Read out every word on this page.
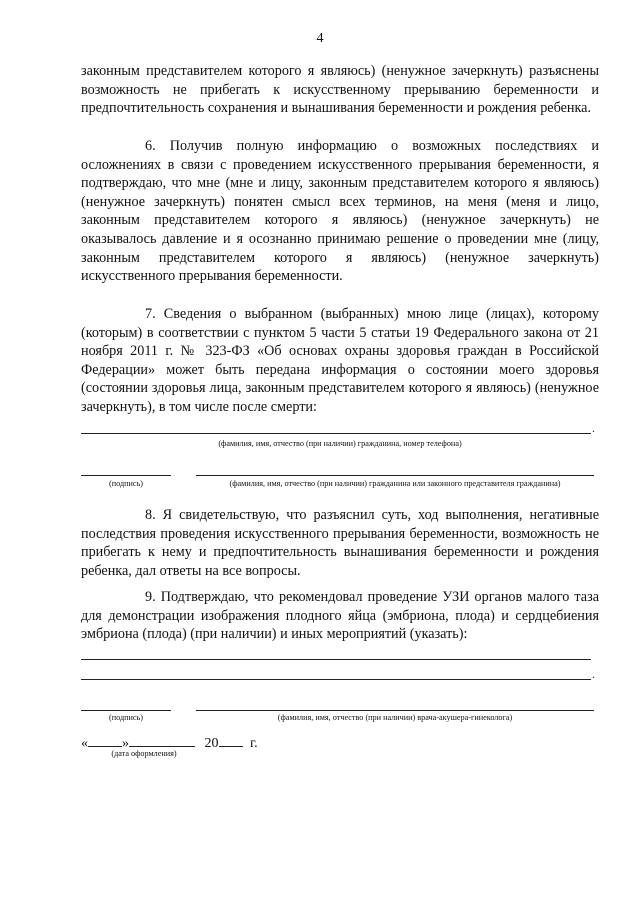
4
законным представителем которого я являюсь) (ненужное зачеркнуть) разъяснены возможность не прибегать к искусственному прерыванию беременности и предпочтительность сохранения и вынашивания беременности и рождения ребенка.
6. Получив полную информацию о возможных последствиях и осложнениях в связи с проведением искусственного прерывания беременности, я подтверждаю, что мне (мне и лицу, законным представителем которого я являюсь) (ненужное зачеркнуть) понятен смысл всех терминов, на меня (меня и лицо, законным представителем которого я являюсь) (ненужное зачеркнуть) не оказывалось давление и я осознанно принимаю решение о проведении мне (лицу, законным представителем которого я являюсь) (ненужное зачеркнуть) искусственного прерывания беременности.
7. Сведения о выбранном (выбранных) мною лице (лицах), которому (которым) в соответствии с пунктом 5 части 5 статьи 19 Федерального закона от 21 ноября 2011 г. № 323-ФЗ «Об основах охраны здоровья граждан в Российской Федерации» может быть передана информация о состоянии моего здоровья (состоянии здоровья лица, законным представителем которого я являюсь) (ненужное зачеркнуть), в том числе после смерти:
.
(фамилия, имя, отчество (при наличии) гражданина, номер телефона)
(подпись)	(фамилия, имя, отчество (при наличии) гражданина или законного представителя гражданина)
8. Я свидетельствую, что разъяснил суть, ход выполнения, негативные последствия проведения искусственного прерывания беременности, возможность не прибегать к нему и предпочтительность вынашивания беременности и рождения ребенка, дал ответы на все вопросы.
9. Подтверждаю, что рекомендовал проведение УЗИ органов малого таза для демонстрации изображения плодного яйца (эмбриона, плода) и сердцебиения эмбриона (плода) (при наличии) и иных мероприятий (указать):
.
(подпись)	(фамилия, имя, отчество (при наличии) врача-акушера-гинеколога)
« »	20 г.
(дата оформления)
